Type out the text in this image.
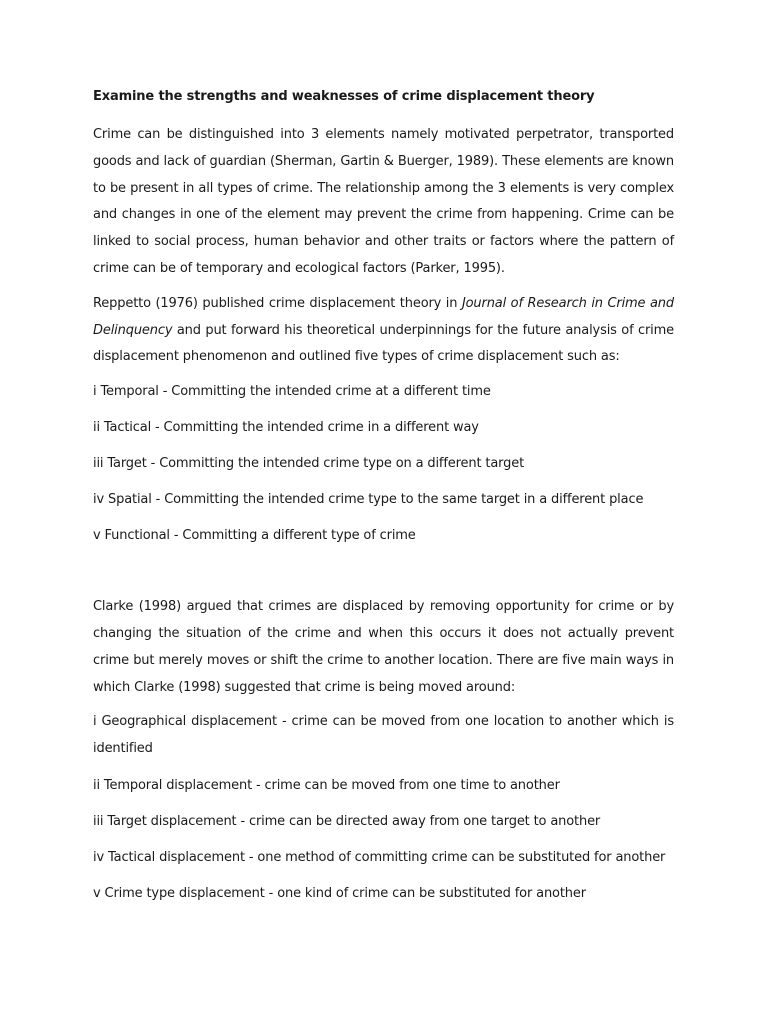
Examine the strengths and weaknesses of crime displacement theory

Crime can be distinguished into 3 elements namely motivated perpetrator, transported goods and lack of guardian (Sherman, Gartin & Buerger, 1989). These elements are known to be present in all types of crime. The relationship among the 3 elements is very complex and changes in one of the element may prevent the crime from happening. Crime can be linked to social process, human behavior and other traits or factors where the pattern of crime can be of temporary and ecological factors (Parker, 1995).

Reppetto (1976) published crime displacement theory in Journal of Research in Crime and Delinquency and put forward his theoretical underpinnings for the future analysis of crime displacement phenomenon and outlined five types of crime displacement such as:

i Temporal - Committing the intended crime at a different time

ii Tactical - Committing the intended crime in a different way

iii Target - Committing the intended crime type on a different target

iv Spatial - Committing the intended crime type to the same target in a different place

v Functional - Committing a different type of crime

Clarke (1998) argued that crimes are displaced by removing opportunity for crime or by changing the situation of the crime and when this occurs it does not actually prevent crime but merely moves or shift the crime to another location. There are five main ways in which Clarke (1998) suggested that crime is being moved around:

i Geographical displacement - crime can be moved from one location to another which is identified

ii Temporal displacement - crime can be moved from one time to another

iii Target displacement - crime can be directed away from one target to another

iv Tactical displacement - one method of committing crime can be substituted for another

v Crime type displacement - one kind of crime can be substituted for another
